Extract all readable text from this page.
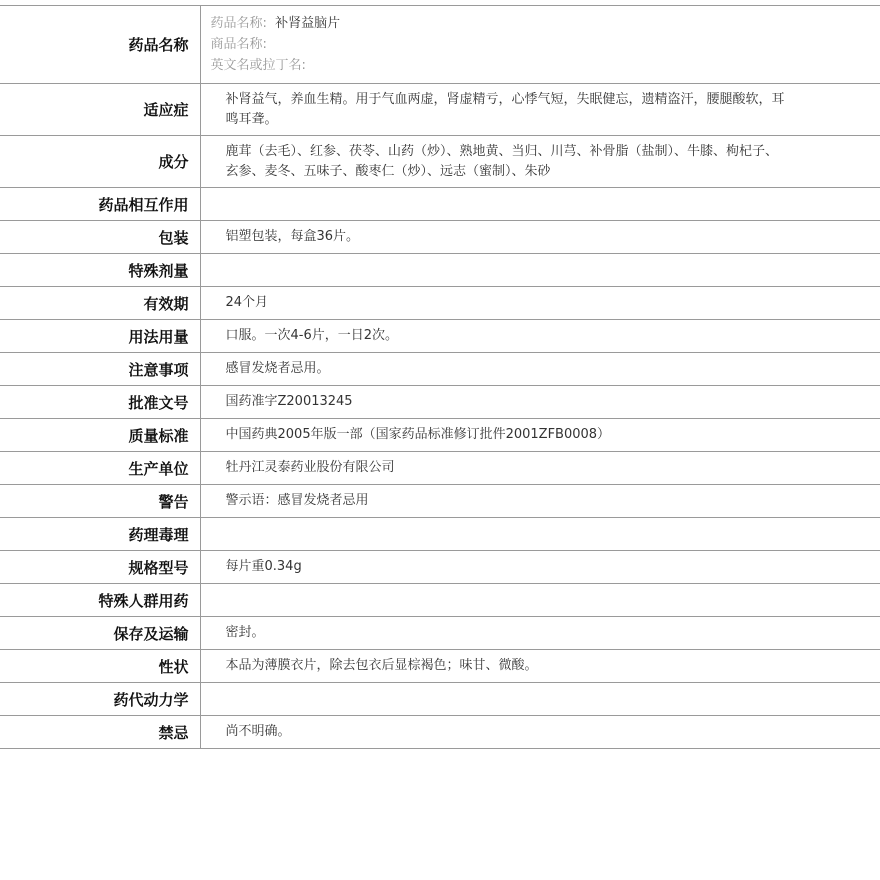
药品名称	药品名称: 补肾益脑片
商品名称:
英文名或拉丁名:

适应症	补肾益气，养血生精。用于气血两虚，肾虚精亏，心悸气短，失眠健忘，遗精盗汗，腰腿酸软，耳鸣耳聋。
成分	鹿茸（去毛）、红参、茯苓、山药（炒）、熟地黄、当归、川芎、补骨脂（盐制）、牛膝、枸杞子、玄参、麦冬、五味子、酸枣仁（炒）、远志（蜜制）、朱砂
药品相互作用	
包装	铝塑包装，每盒36片。
特殊剂量	
有效期	24个月
用法用量	口服。一次4-6片，一日2次。
注意事项	感冒发烧者忌用。
批准文号	国药准字Z20013245
质量标准	中国药典2005年版一部（国家药品标准修订批件2001ZFB0008）
生产单位	牡丹江灵泰药业股份有限公司
警告	警示语：感冒发烧者忌用
药理毒理	
规格型号	每片重0.34g
特殊人群用药	
保存及运输	密封。
性状	本品为薄膜衣片，除去包衣后显棕褐色；味甘、微酸。
药代动力学	
禁忌	尚不明确。
